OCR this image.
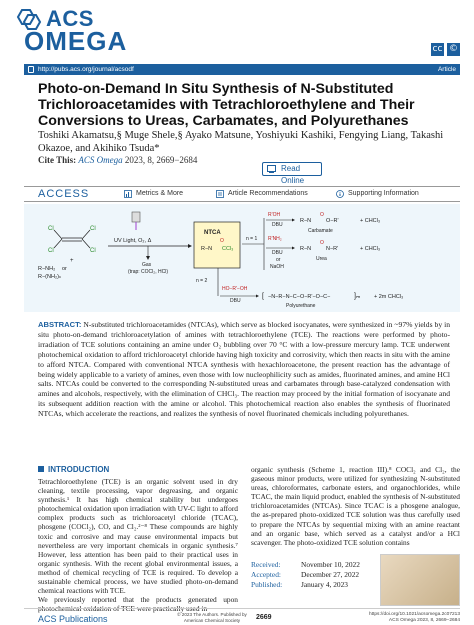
ACS
OMEGA	cc ©
http://pubs.acs.org/journal/acsodf	Article
Photo-on-Demand In Situ Synthesis of N-Substituted Trichloroacetamides with Tetrachloroethylene and Their Conversions to Ureas, Carbamates, and Polyurethanes
Toshiki Akamatsu,§ Muge Shele,§ Ayako Matsune, Yoshiyuki Kashiki, Fengying Liang, Takashi Okazoe, and Akihiko Tsuda*
Cite This: ACS Omega 2023, 8, 2669−2684
Read Online
ACCESS	Metrics & More	Article Recommendations	Supporting Information
Cl
Cl
Cl
Cl
+
R−NH₂ or
R−(NH₂)ₙ
UV Light, O₂, Δ
Gas
(trap: COCl₂, HCl)
NTCA
R−N CCl₃
O	n = 1
n = 2
R'OH
DBU
R−N
O
O−R'	+ CHCl₃
Carbamate
R'NH₂
DBU
or
NaOH
R−N
O
N−R'	+ CHCl₃
Urea
HO−R'−OH
DBU
[ −N−R−N−C−O−R'−O−C−	]ₘ + 2m CHCl₃
Polyurethane
ABSTRACT: N-substituted trichloroacetamides (NTCAs), which serve as blocked isocyanates, were synthesized in ~97% yields by in situ photo-on-demand trichloroacetylation of amines with tetrachloroethylene (TCE). The reactions were performed by photo-irradiation of TCE solutions containing an amine under O₂ bubbling over 70 °C with a low-pressure mercury lamp. TCE underwent photochemical oxidation to afford trichloroacetyl chloride having high toxicity and corrosivity, which then reacts in situ with the amine to afford NTCA. Compared with conventional NTCA synthesis with hexachloroacetone, the present reaction has the advantage of being widely applicable to a variety of amines, even those with low nucleophilicity such as amides, fluorinated amines, and amine HCl salts. NTCAs could be converted to the corresponding N-substituted ureas and carbamates through base-catalyzed condensation with amines and alcohols, respectively, with the elimination of CHCl₃. The reaction may proceed by the initial formation of isocyanate and its subsequent addition reaction with the amine or alcohol. This photochemical reaction also enables the synthesis of fluorinated NTCAs, which accelerate the reactions, and realizes the synthesis of novel fluorinated chemicals including polyurethanes.
INTRODUCTION
Tetrachloroethylene (TCE) is an organic solvent used in dry cleaning, textile processing, vapor degreasing, and organic synthesis.¹ It has high chemical stability but undergoes photochemical oxidation upon irradiation with UV-C light to afford complex products such as trichloroacetyl chloride (TCAC), phosgene (COCl₂), CO, and Cl₂.²⁻⁸ These compounds are highly toxic and corrosive and may cause environmental impacts but nevertheless are very important chemicals in organic synthesis.⁷ However, less attention has been paid to their practical uses in organic synthesis. With the recent global environmental issues, a method of chemical recycling of TCE is required. To develop a sustainable chemical process, we have studied photo-on-demand chemical reactions with TCE.
We previously reported that the products generated upon photochemical oxidation of TCE were practically used in
organic synthesis (Scheme 1, reaction III).⁸ COCl₂ and Cl₂, the gaseous minor products, were utilized for synthesizing N-substituted ureas, chloroformates, carbonate esters, and organochlorides, while TCAC, the main liquid product, enabled the synthesis of N-substituted trichloroacetamides (NTCAs). Since TCAC is a phosgene analogue, the as-prepared photo-oxidized TCE solution was thus carefully used to prepare the NTCAs by sequential mixing with an amine reactant and an organic base, which served as a catalyst and/or a HCl scavenger. The photo-oxidized TCE solution contains
Received:	November 10, 2022
Accepted:	December 27, 2022
Published:	January 4, 2023
ACS Publications	© 2023 The Authors. Published by American Chemical Society	2669	https://doi.org/10.1021/acsomega.2c07213
ACS Omega 2023, 8, 2669−2684
